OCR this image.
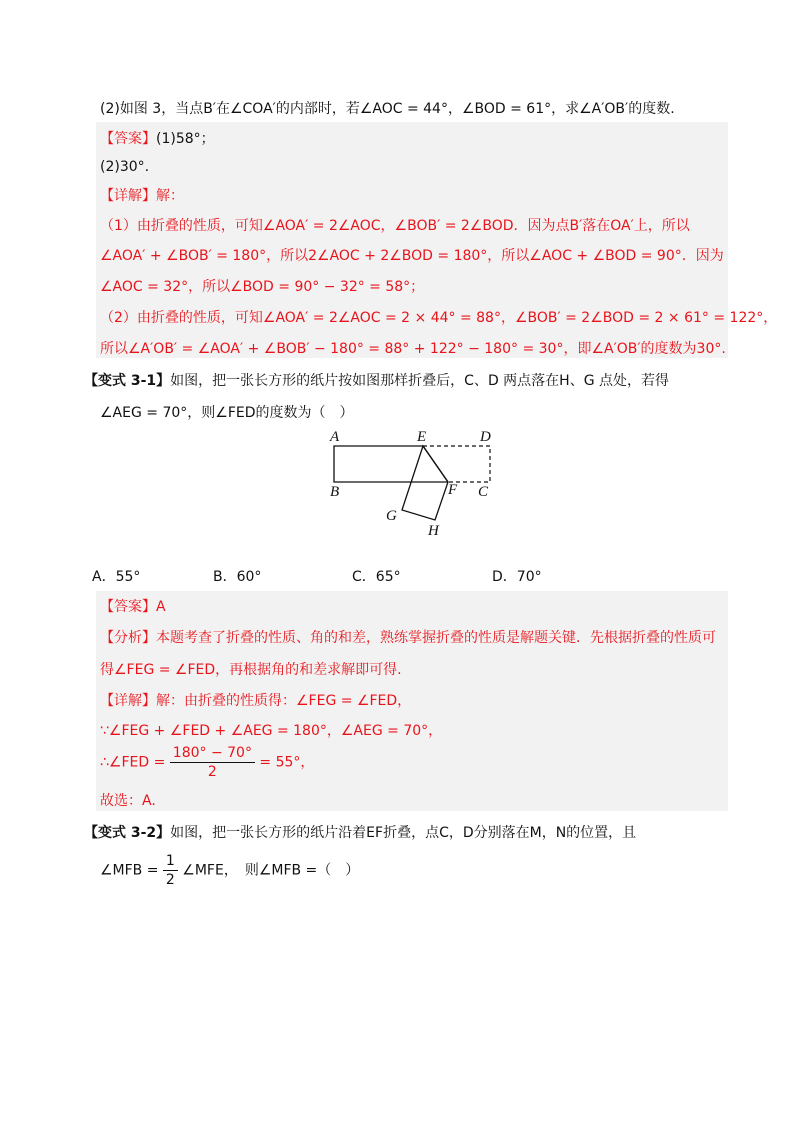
(2)如图 3，当点B′在∠COA′的内部时，若∠AOC = 44°，∠BOD = 61°，求∠A′OB′的度数.
【答案】(1)58°；
(2)30°.
【详解】解：
（1）由折叠的性质，可知∠AOA′ = 2∠AOC，∠BOB′ = 2∠BOD．因为点B′落在OA′上，所以
∠AOA′ + ∠BOB′ = 180°，所以2∠AOC + 2∠BOD = 180°，所以∠AOC + ∠BOD = 90°．因为
∠AOC = 32°，所以∠BOD = 90° − 32° = 58°；
（2）由折叠的性质，可知∠AOA′ = 2∠AOC = 2 × 44° = 88°，∠BOB′ = 2∠BOD = 2 × 61° = 122°，
所以∠A′OB′ = ∠AOA′ + ∠BOB′ − 180° = 88° + 122° − 180° = 30°，即∠A′OB′的度数为30°.
【变式 3-1】如图，把一张长方形的纸片按如图那样折叠后，C、D 两点落在H、G 点处，若得
∠AEG = 70°，则∠FED的度数为（　）
A	E	D
B	F C
G
H
A．55°	B．60°	C．65°	D．70°
【答案】A
【分析】本题考查了折叠的性质、角的和差，熟练掌握折叠的性质是解题关键．先根据折叠的性质可
得∠FEG = ∠FED，再根据角的和差求解即可得.
【详解】解：由折叠的性质得：∠FEG = ∠FED，
∵∠FEG + ∠FED + ∠AEG = 180°，∠AEG = 70°，
∴∠FED = $\frac{180^\circ - 70^\circ}{2} = 55^\circ$，
故选：A.
【变式 3-2】如图，把一张长方形的纸片沿着EF折叠，点C，D分别落在M，N的位置，且
∠MFB = $\frac{1}{2}$ ∠MFE，　则∠MFB =（　）
